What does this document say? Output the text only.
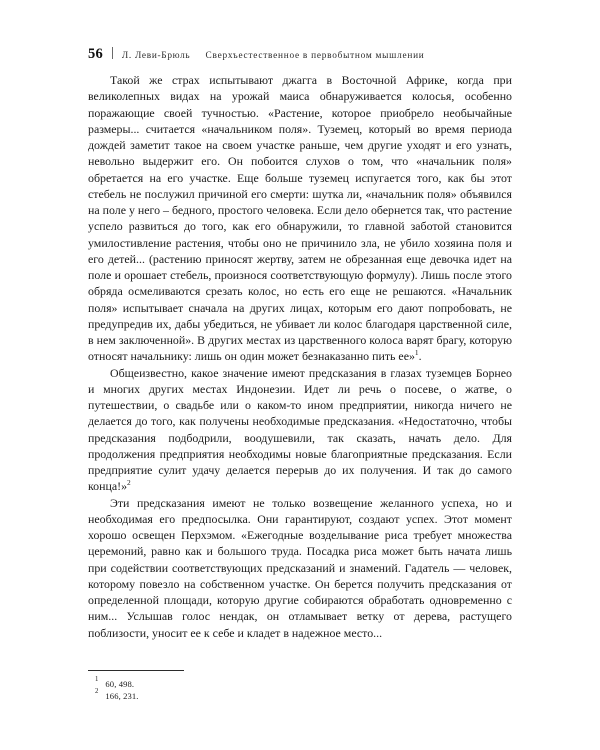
56 Л. Леви-Брюль Сверхъестественное в первобытном мышлении

Такой же страх испытывают джагга в Восточной Африке, когда при великолепных видах на урожай маиса обнаруживается колосья, особенно поражающие своей тучностью. «Растение, которое приобрело необычайные размеры... считается «начальником поля». Туземец, который во время периода дождей заметит такое на своем участке раньше, чем другие уходят и его узнать, невольно выдержит его. Он побоится слухов о том, что «начальник поля» обретается на его участке. Еще больше туземец испугается того, как бы этот стебель не послужил причиной его смерти: шутка ли, «начальник поля» объявился на поле у него – бедного, простого человека. Если дело обернется так, что растение успело развиться до того, как его обнаружили, то главной заботой становится умилостивление растения, чтобы оно не причинило зла, не убило хозяина поля и его детей... (растению приносят жертву, затем не обрезанная еще девочка идет на поле и орошает стебель, произнося соответствующую формулу). Лишь после этого обряда осмеливаются срезать колос, но есть его еще не решаются. «Начальник поля» испытывает сначала на других лицах, которым его дают попробовать, не предупредив их, дабы убедиться, не убивает ли колос благодаря царственной силе, в нем заключенной». В других местах из царственного колоса варят брагу, которую относят начальнику: лишь он один может безнаказанно пить ее»$^1$.

Общеизвестно, какое значение имеют предсказания в глазах туземцев Борнео и многих других местах Индонезии. Идет ли речь о посеве, о жатве, о путешествии, о свадьбе или о каком-то ином предприятии, никогда ничего не делается до того, как получены необходимые предсказания. «Недостаточно, чтобы предсказания подбодрили, воодушевили, так сказать, начать дело. Для продолжения предприятия необходимы новые благоприятные предсказания. Если предприятие сулит удачу делается перерыв до их получения. И так до самого конца!»$^2$

Эти предсказания имеют не только возвещение желанного успеха, но и необходимая его предпосылка. Они гарантируют, создают успех. Этот момент хорошо освещен Перхэмом. «Ежегодные возделывание риса требует множества церемоний, равно как и большого труда. Посадка риса может быть начата лишь при содействии соответствующих предсказаний и знамений. Гадатель — человек, которому повезло на собственном участке. Он берется получить предсказания от определенной площади, которую другие собираются обработать одновременно с ним... Услышав голос нендак, он отламывает ветку от дерева, растущего поблизости, уносит ее к себе и кладет в надежное место...

1 60, 498.
2 166, 231.
